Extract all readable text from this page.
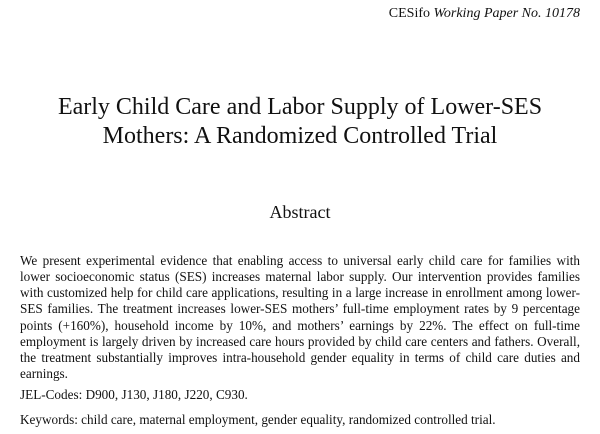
CESifo Working Paper No. 10178
Early Child Care and Labor Supply of Lower-SES
Mothers: A Randomized Controlled Trial
Abstract

We present experimental evidence that enabling access to universal early child care for families with lower socioeconomic status (SES) increases maternal labor supply. Our intervention provides families with customized help for child care applications, resulting in a large increase in enrollment among lower-SES families. The treatment increases lower-SES mothers’ full-time employment rates by 9 percentage points (+160%), household income by 10%, and mothers’ earnings by 22%. The effect on full-time employment is largely driven by increased care hours provided by child care centers and fathers. Overall, the treatment substantially improves intra-household gender equality in terms of child care duties and earnings.

JEL-Codes: D900, J130, J180, J220, C930.

Keywords: child care, maternal employment, gender equality, randomized controlled trial.
